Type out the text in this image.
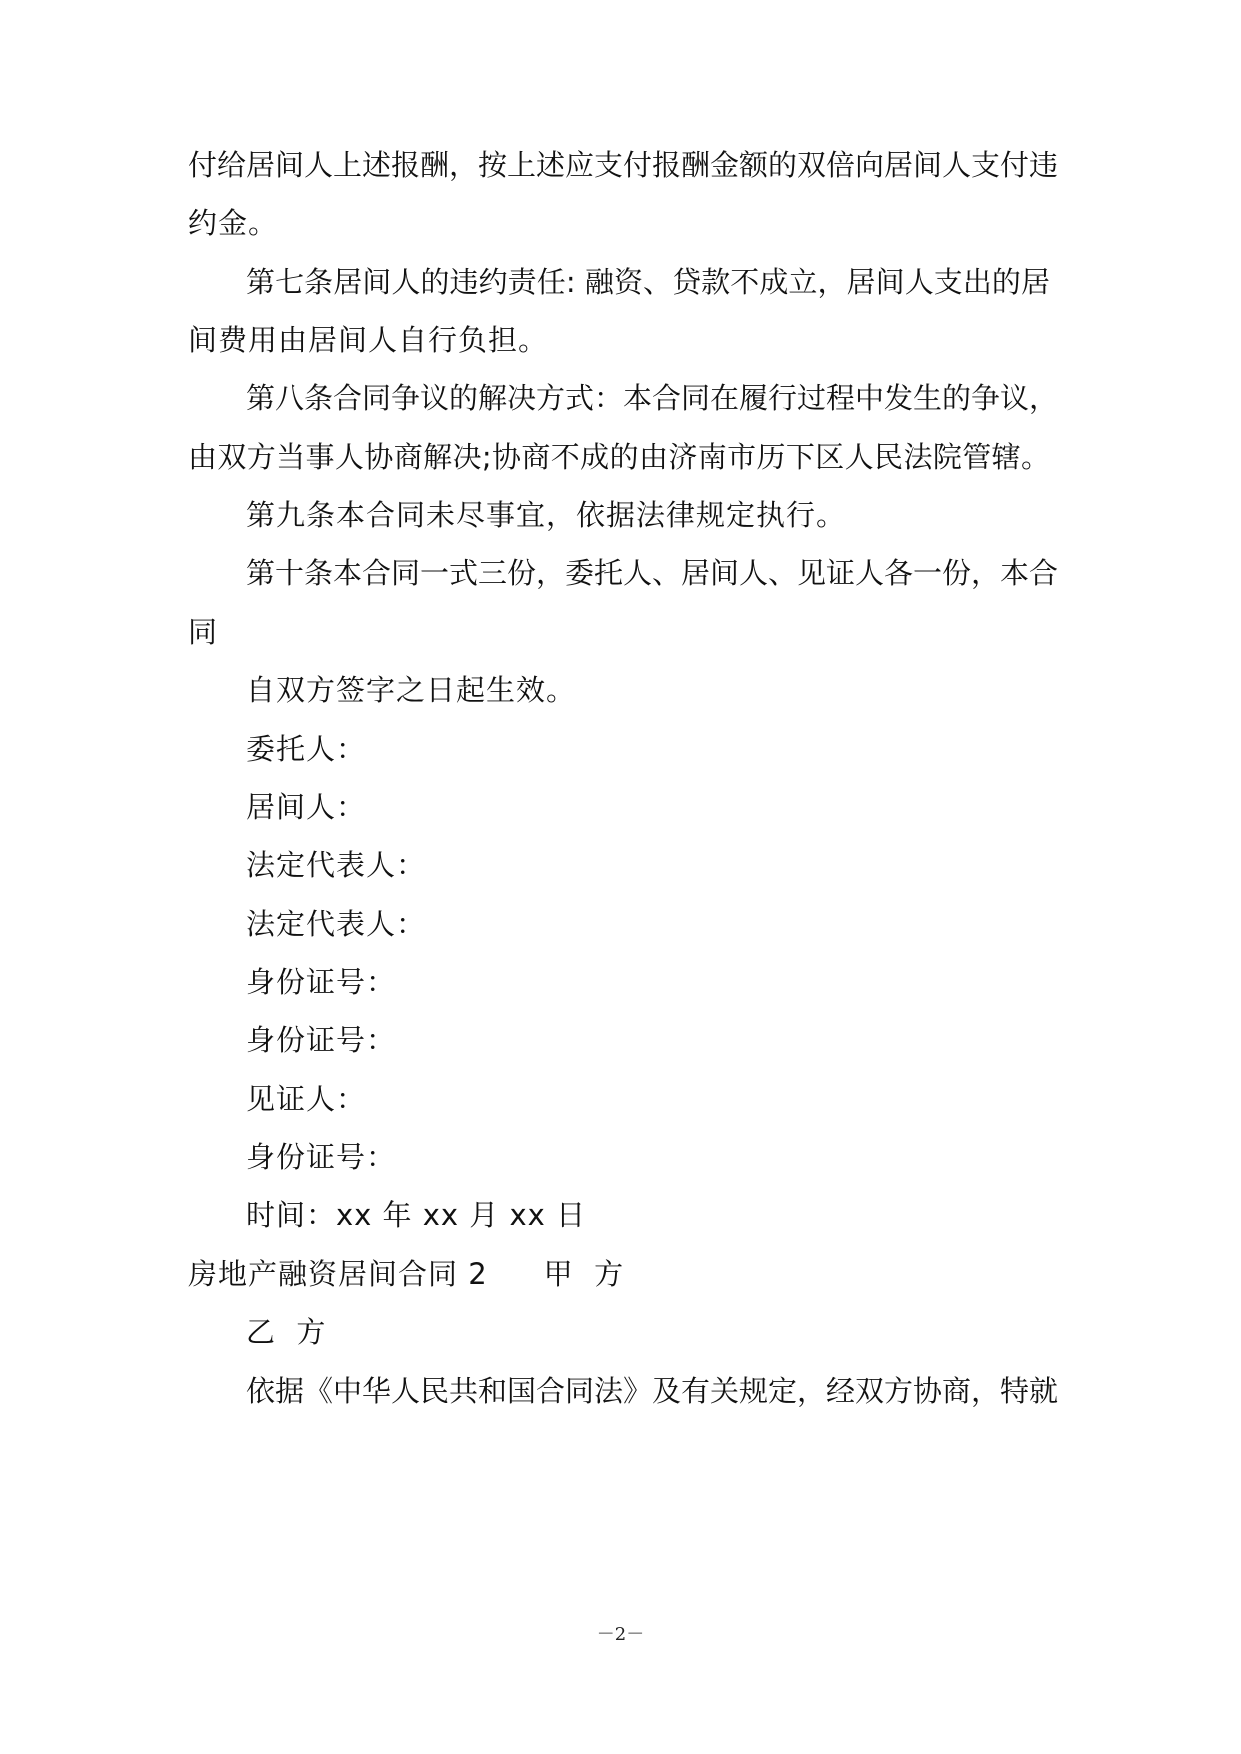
付给居间人上述报酬，按上述应支付报酬金额的双倍向居间人支付违
约金。
第七条居间人的违约责任: 融资、贷款不成立，居间人支出的居
间费用由居间人自行负担。
第八条合同争议的解决方式：本合同在履行过程中发生的争议，
由双方当事人协商解决;协商不成的由济南市历下区人民法院管辖。
第九条本合同未尽事宜，依据法律规定执行。
第十条本合同一式三份，委托人、居间人、见证人各一份，本合
同
自双方签字之日起生效。
委托人：
居间人：
法定代表人：
法定代表人：
身份证号：
身份证号：
见证人：
身份证号：
时间：xx 年 xx 月 xx 日
房地产融资居间合同 2 甲  方
乙  方
依据《中华人民共和国合同法》及有关规定，经双方协商，特就
－2－
